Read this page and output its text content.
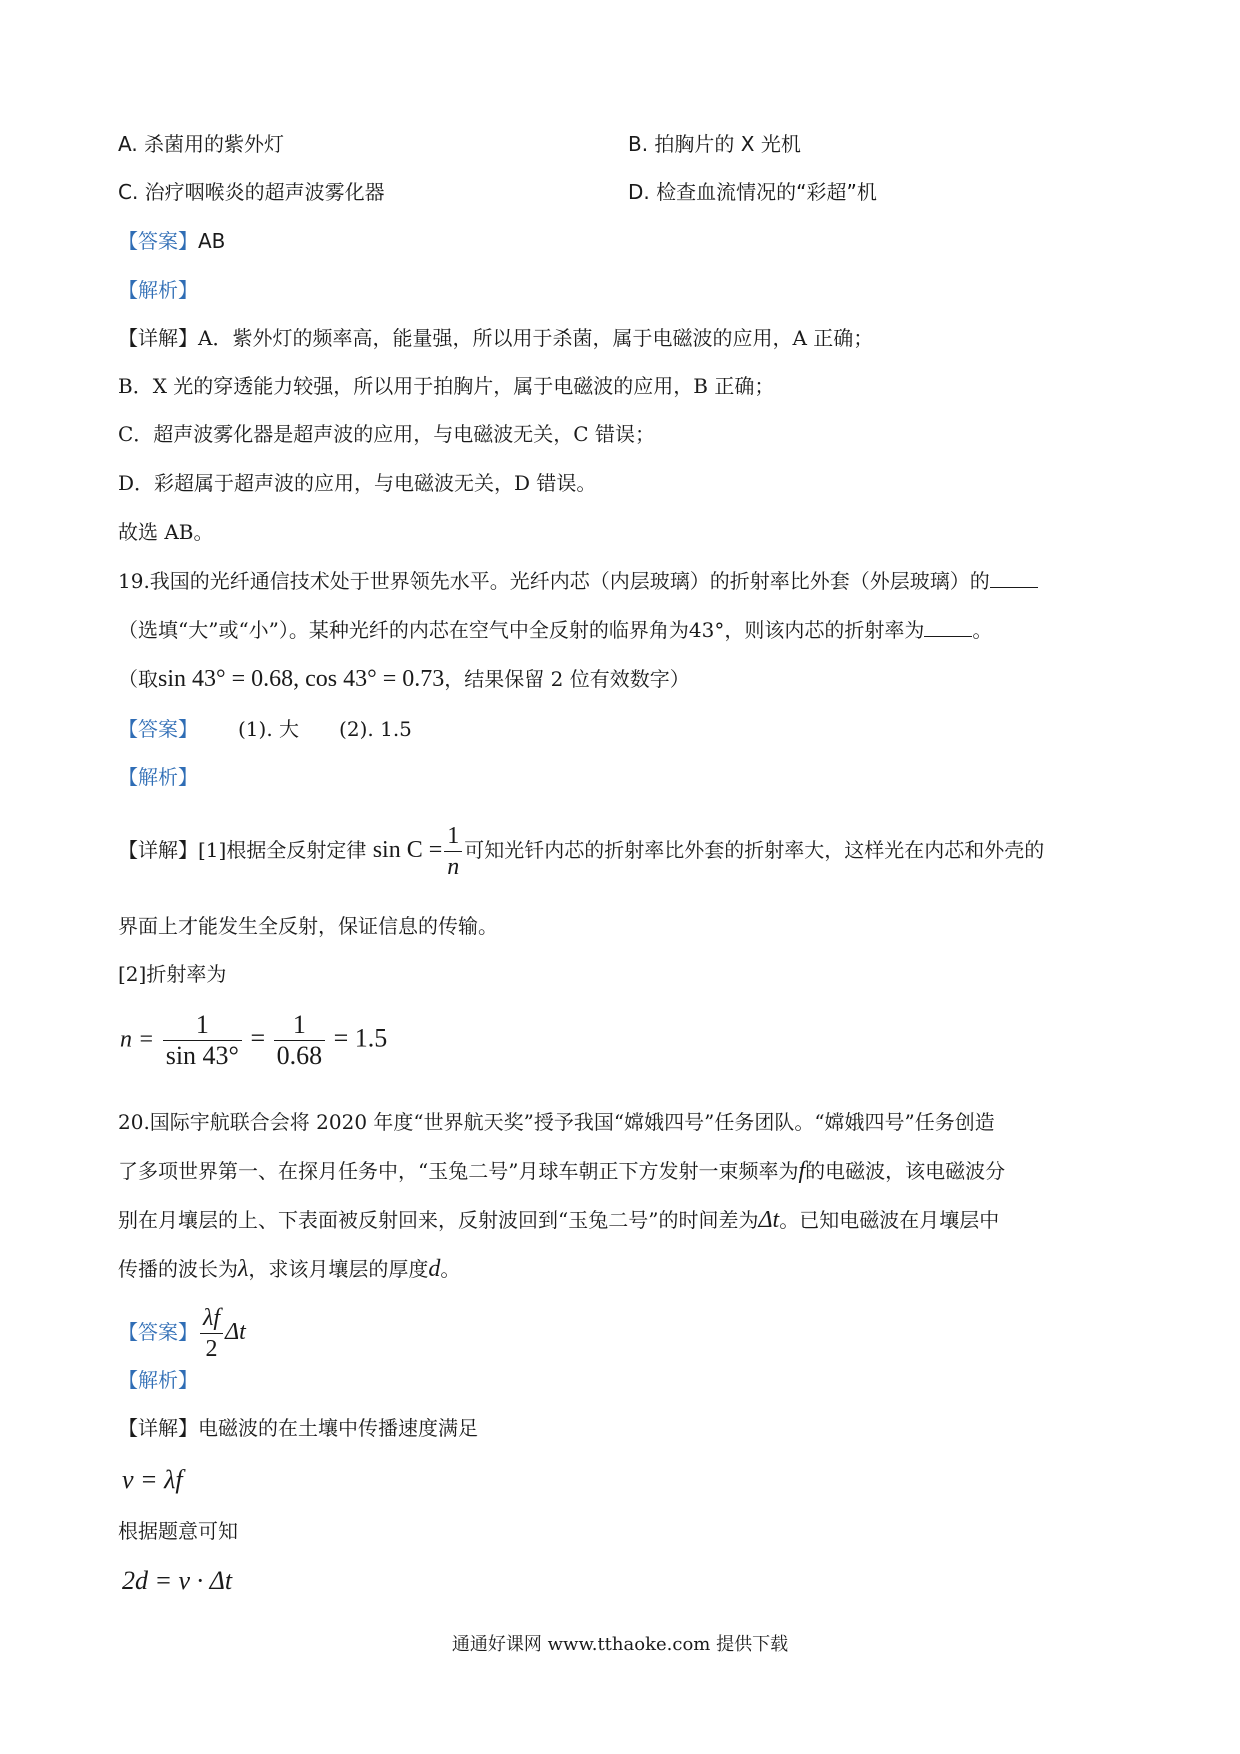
A. 杀菌用的紫外灯	B. 拍胸片的 X 光机
C. 治疗咽喉炎的超声波雾化器	D. 检查血流情况的“彩超”机
【答案】AB
【解析】
【详解】A．紫外灯的频率高，能量强，所以用于杀菌，属于电磁波的应用，A 正确；
B．X 光的穿透能力较强，所以用于拍胸片，属于电磁波的应用，B 正确；
C．超声波雾化器是超声波的应用，与电磁波无关，C 错误；
D．彩超属于超声波的应用，与电磁波无关，D 错误。
故选 AB。
19.我国的光纤通信技术处于世界领先水平。光纤内芯（内层玻璃）的折射率比外套（外层玻璃）的
（选填“大”或“小”）。某种光纤的内芯在空气中全反射的临界角为43°，则该内芯的折射率为 。
（取sin 43° = 0.68, cos 43° = 0.73，结果保留 2 位有效数字）
【答案】 (1). 大 (2). 1.5
【解析】
【详解】[1]根据全反射定律 $\sin C = \frac{1}{n}$ 可知光钎内芯的折射率比外套的折射率大，这样光在内芯和外壳的
界面上才能发生全反射，保证信息的传输。
[2]折射率为
$n = \frac{1}{\sin 43^\circ} = \frac{1}{0.68} = 1.5$
20.国际宇航联合会将 2020 年度“世界航天奖”授予我国“嫦娥四号”任务团队。“嫦娥四号”任务创造
了多项世界第一、在探月任务中，“玉兔二号”月球车朝正下方发射一束频率为f的电磁波，该电磁波分
别在月壤层的上、下表面被反射回来，反射波回到“玉兔二号”的时间差为Δt。已知电磁波在月壤层中
传播的波长为λ，求该月壤层的厚度d。
【答案】 $\frac{\lambda f}{2}$ Δt
【解析】
【详解】电磁波的在土壤中传播速度满足
v = λf
根据题意可知
2d = v · Δt
通通好课网 www.tthaoke.com 提供下载
